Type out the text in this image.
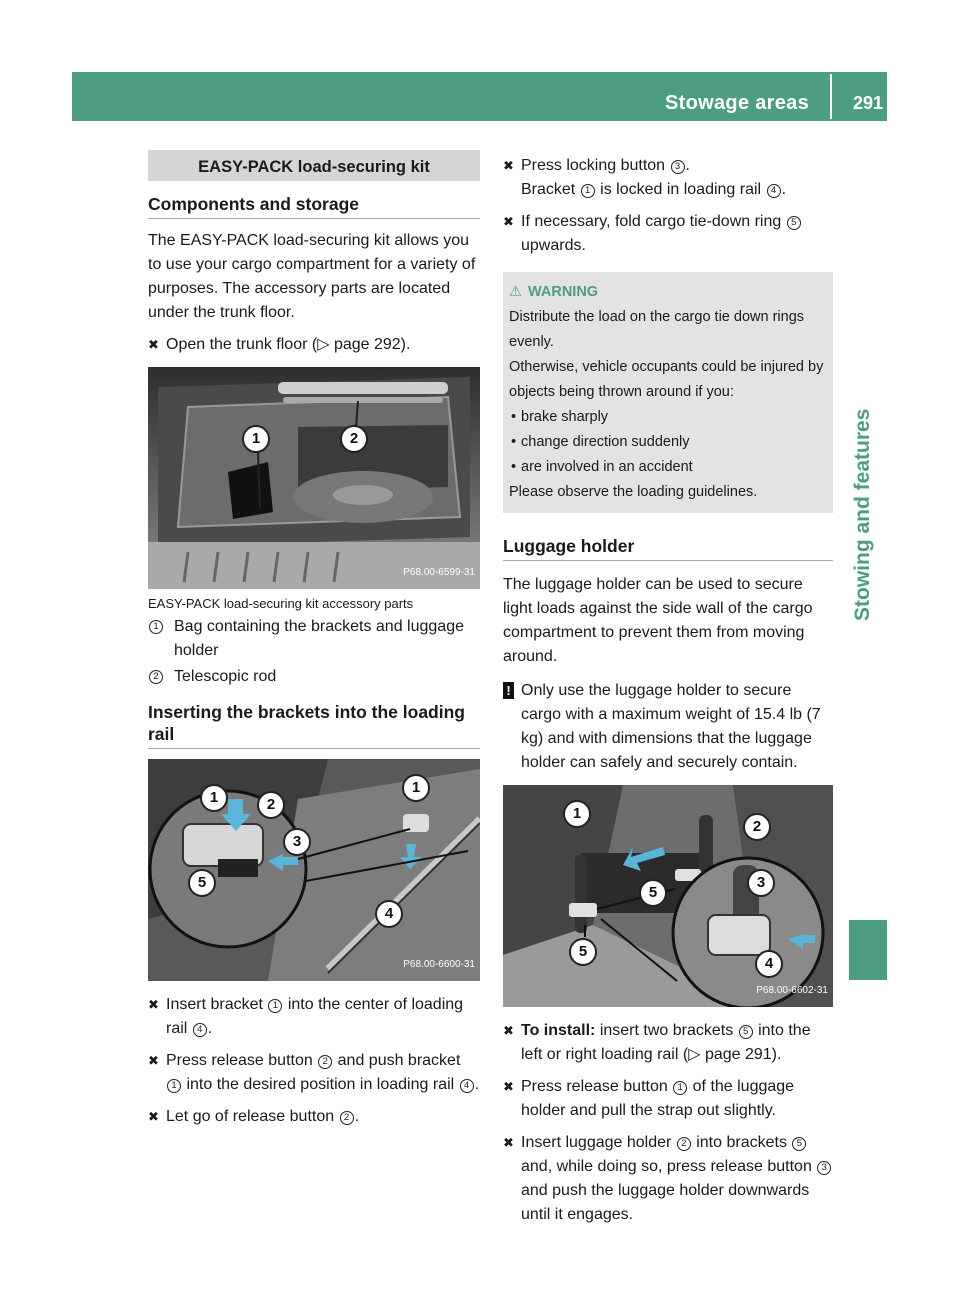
Stowage areas 291
Stowing and features
EASY-PACK load-securing kit
Components and storage

The EASY-PACK load-securing kit allows you to use your cargo compartment for a variety of purposes. The accessory parts are located under the trunk floor.

✖ Open the trunk floor (▷ page 292).
1	2
P68.00-6599-31
EASY-PACK load-securing kit accessory parts
1 Bag containing the brackets and luggage holder
2 Telescopic rod
Inserting the brackets into the loading rail
1	2
3
1
4
5
P68.00-6600-31
✖ Insert bracket 1 into the center of loading rail 4 .
✖ Press release button 2 and push bracket 1 into the desired position in loading rail 4 .
✖ Let go of release button 2 .
✖ Press locking button 3 .
Bracket 1 is locked in loading rail 4 .
✖ If necessary, fold cargo tie-down ring 5 upwards.
⚠ WARNING
Distribute the load on the cargo tie down rings evenly.
Otherwise, vehicle occupants could be injured by objects being thrown around if you:
• brake sharply
• change direction suddenly
• are involved in an accident
Please observe the loading guidelines.
Luggage holder

The luggage holder can be used to secure light loads against the side wall of the cargo compartment to prevent them from moving around.

! Only use the luggage holder to secure cargo with a maximum weight of 15.4 lb (7 kg) and with dimensions that the luggage holder can safely and securely contain.
1
2
3
5
5
4
P68.00-6602-31
✖ To install: insert two brackets 5 into the left or right loading rail (▷ page 291).
✖ Press release button 1 of the luggage holder and pull the strap out slightly.
✖ Insert luggage holder 2 into brackets 5 and, while doing so, press release button 3 and push the luggage holder downwards until it engages.
